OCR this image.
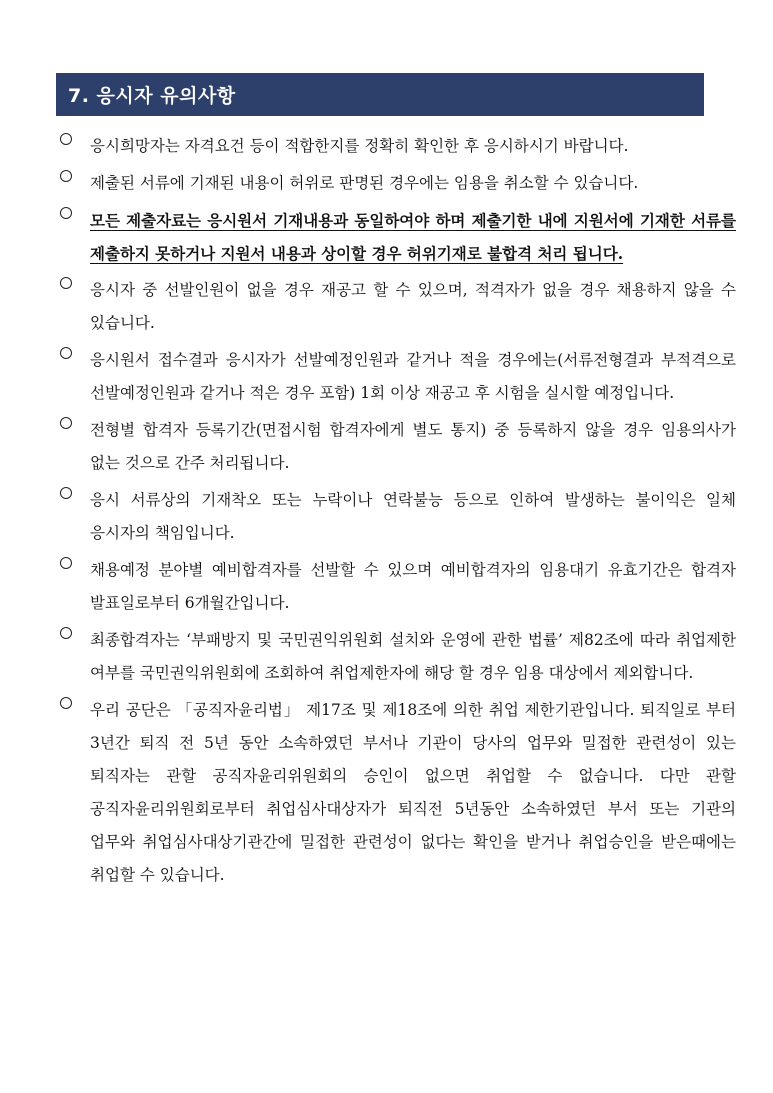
7. 응시자 유의사항
응시희망자는 자격요건 등이 적합한지를 정확히 확인한 후 응시하시기 바랍니다.
제출된 서류에 기재된 내용이 허위로 판명된 경우에는 임용을 취소할 수 있습니다.
모든 제출자료는 응시원서 기재내용과 동일하여야 하며 제출기한 내에 지원서에 기재한 서류를 제출하지 못하거나 지원서 내용과 상이할 경우 허위기재로 불합격 처리 됩니다.
응시자 중 선발인원이 없을 경우 재공고 할 수 있으며, 적격자가 없을 경우 채용하지 않을 수 있습니다.
응시원서 접수결과 응시자가 선발예정인원과 같거나 적을 경우에는(서류전형결과 부적격으로 선발예정인원과 같거나 적은 경우 포함) 1회 이상 재공고 후 시험을 실시할 예정입니다.
전형별 합격자 등록기간(면접시험 합격자에게 별도 통지) 중 등록하지 않을 경우 임용의사가 없는 것으로 간주 처리됩니다.
응시 서류상의 기재착오 또는 누락이나 연락불능 등으로 인하여 발생하는 불이익은 일체 응시자의 책임입니다.
채용예정 분야별 예비합격자를 선발할 수 있으며 예비합격자의 임용대기 유효기간은 합격자 발표일로부터 6개월간입니다.
최종합격자는 ‘부패방지 및 국민권익위원회 설치와 운영에 관한 법률’ 제82조에 따라 취업제한 여부를 국민권익위원회에 조회하여 취업제한자에 해당 할 경우 임용 대상에서 제외합니다.
우리 공단은 「공직자윤리법」 제17조 및 제18조에 의한 취업 제한기관입니다. 퇴직일로 부터 3년간 퇴직 전 5년 동안 소속하였던 부서나 기관이 당사의 업무와 밀접한 관련성이 있는 퇴직자는 관할 공직자윤리위원회의 승인이 없으면 취업할 수 없습니다. 다만 관할 공직자윤리위원회로부터 취업심사대상자가 퇴직전 5년동안 소속하였던 부서 또는 기관의 업무와 취업심사대상기관간에 밀접한 관련성이 없다는 확인을 받거나 취업승인을 받은때에는 취업할 수 있습니다.
